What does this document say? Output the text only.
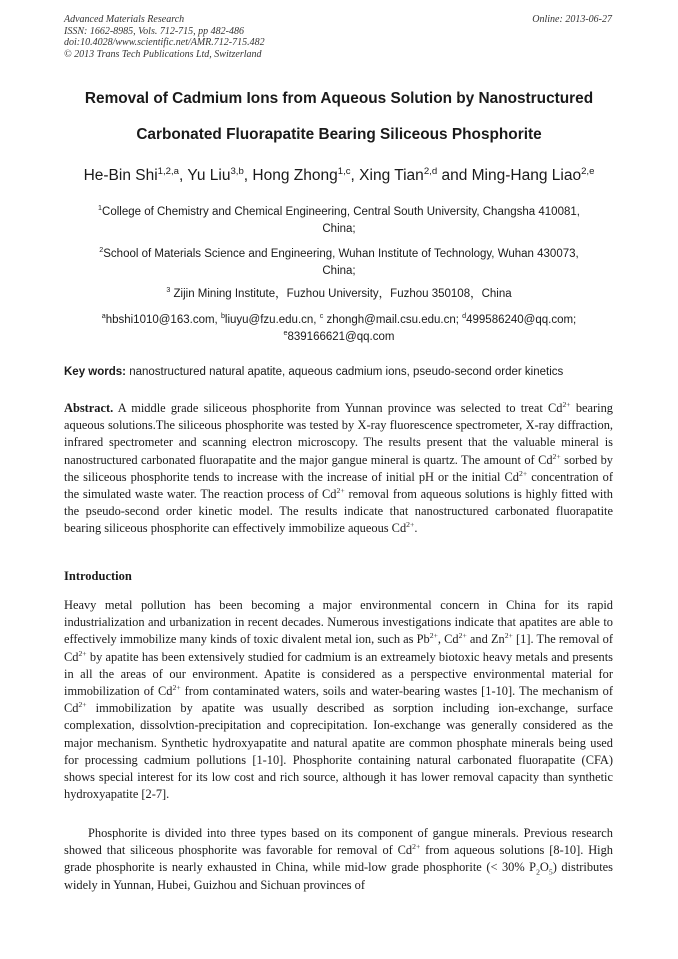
Advanced Materials Research
ISSN: 1662-8985, Vols. 712-715, pp 482-486
doi:10.4028/www.scientific.net/AMR.712-715.482
© 2013 Trans Tech Publications Ltd, Switzerland
Online: 2013-06-27
Removal of Cadmium Ions from Aqueous Solution by Nanostructured
Carbonated Fluorapatite Bearing Siliceous Phosphorite
He-Bin Shi$^{1,2,a}$, Yu Liu$^{3,b}$, Hong Zhong$^{1,c}$, Xing Tian$^{2,d}$ and Ming-Hang Liao$^{2,e}$
$^1$College of Chemistry and Chemical Engineering, Central South University, Changsha 410081,
China;
$^2$School of Materials Science and Engineering, Wuhan Institute of Technology, Wuhan 430073,
China;
$^3$ Zijin Mining Institute，Fuzhou University，Fuzhou 350108，China
$^a$hbshi1010@163.com, $^b$liuyu@fzu.edu.cn, $^c$ zhongh@mail.csu.edu.cn; $^d$499586240@qq.com;
$^e$839166621@qq.com
Key words: nanostructured natural apatite, aqueous cadmium ions, pseudo-second order kinetics

Abstract. A middle grade siliceous phosphorite from Yunnan province was selected to treat $Cd^{2+}$ bearing aqueous solutions.The siliceous phosphorite was tested by X-ray fluorescence spectrometer, X-ray diffraction, infrared spectrometer and scanning electron microscopy. The results present that the valuable mineral is nanostructured carbonated fluorapatite and the major gangue mineral is quartz. The amount of $Cd^{2+}$ sorbed by the siliceous phosphorite tends to increase with the increase of initial pH or the initial $Cd^{2+}$ concentration of the simulated waste water. The reaction process of $Cd^{2+}$ removal from aqueous solutions is highly fitted with the pseudo-second order kinetic model. The results indicate that nanostructured carbonated fluorapatite bearing siliceous phosphorite can effectively immobilize aqueous $Cd^{2+}$.

Introduction

Heavy metal pollution has been becoming a major environmental concern in China for its rapid industrialization and urbanization in recent decades. Numerous investigations indicate that apatites are able to effectively immobilize many kinds of toxic divalent metal ion, such as $Pb^{2+}$, $Cd^{2+}$ and $Zn^{2+}$ [1]. The removal of $Cd^{2+}$ by apatite has been extensively studied for cadmium is an extreamely biotoxic heavy metals and presents in all the areas of our environment. Apatite is considered as a perspective environmental material for immobilization of $Cd^{2+}$ from contaminated waters, soils and water-bearing wastes [1-10]. The mechanism of $Cd^{2+}$ immobilization by apatite was usually described as sorption including ion-exchange, surface complexation, dissolvtion-precipitation and coprecipitation. Ion-exchange was generally considered as the major mechanism. Synthetic hydroxyapatite and natural apatite are common phosphate minerals being used for processing cadmium pollutions [1-10]. Phosphorite containing natural carbonated fluorapatite (CFA) shows special interest for its low cost and rich source, although it has lower removal capacity than synthetic hydroxyapatite [2-7].

Phosphorite is divided into three types based on its component of gangue minerals. Previous research showed that siliceous phosphorite was favorable for removal of $Cd^{2+}$ from aqueous solutions [8-10]. High grade phosphorite is nearly exhausted in China, while mid-low grade phosphorite (< 30% $P_2O_5$) distributes widely in Yunnan, Hubei, Guizhou and Sichuan provinces of
